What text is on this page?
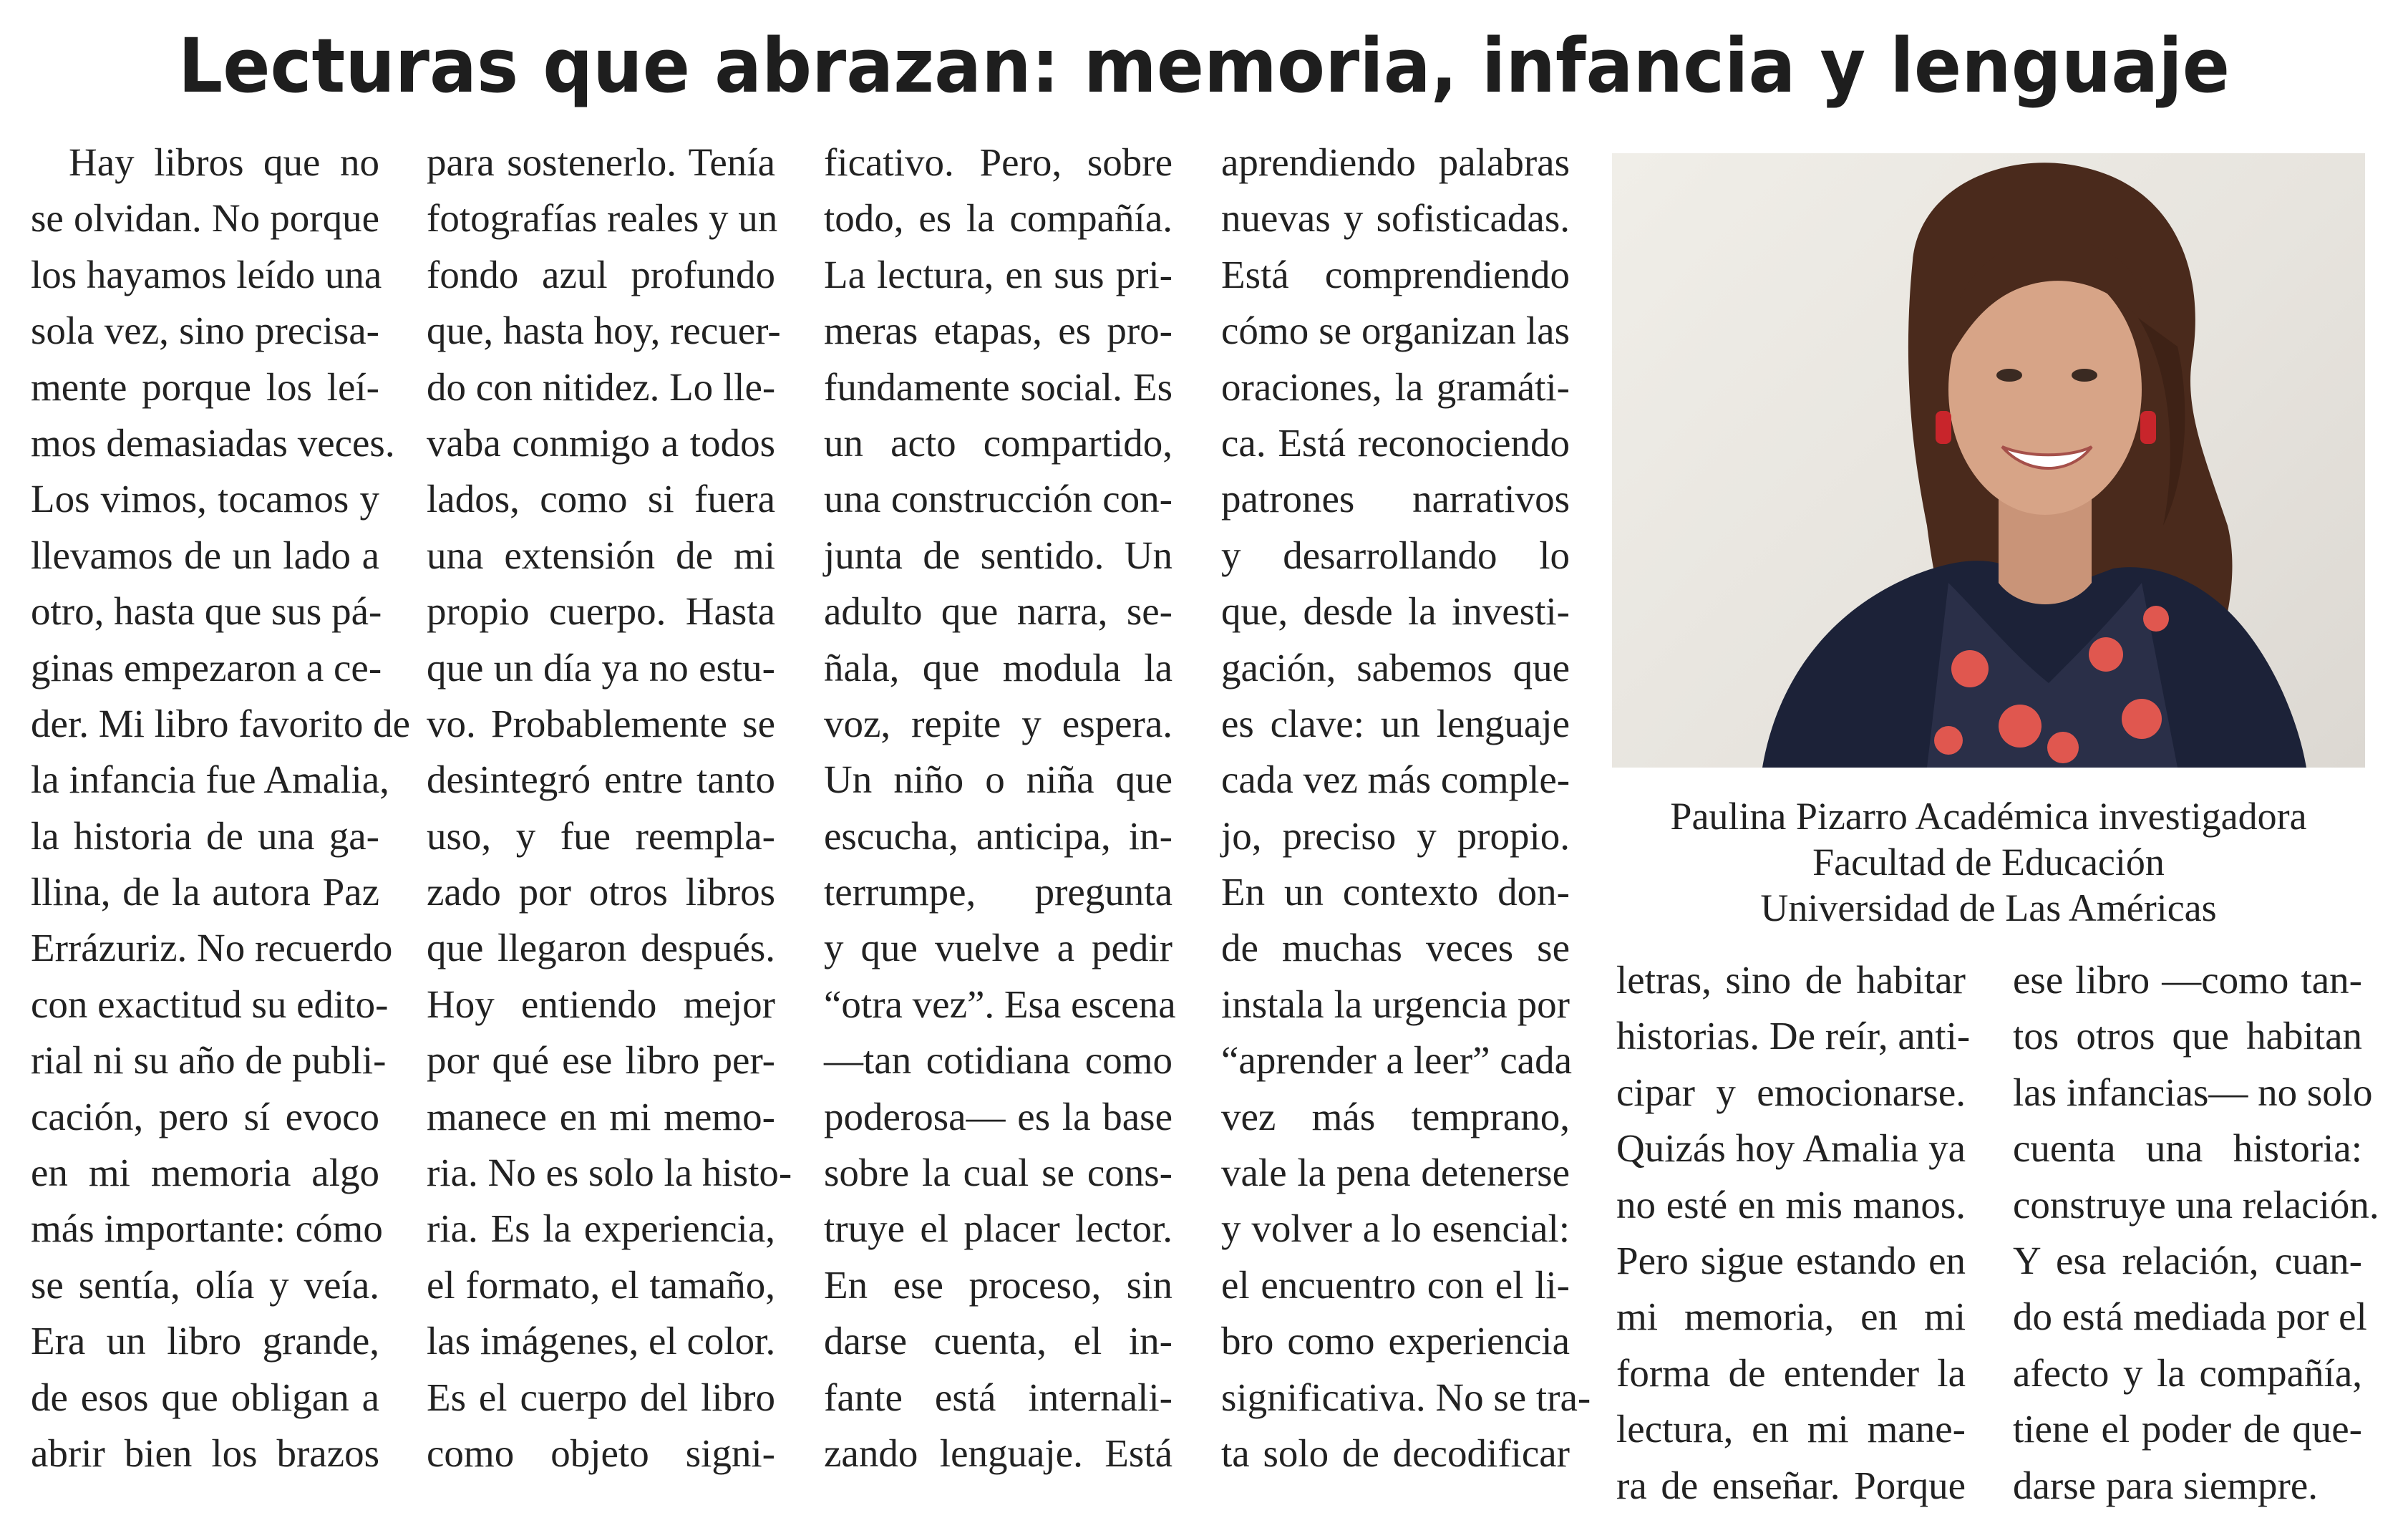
Lecturas que abrazan: memoria, infancia y lenguaje
Hay libros que no
se olvidan. No porque
los hayamos leído una
sola vez, sino precisa-
mente porque los leí-
mos demasiadas veces.
Los vimos, tocamos y
llevamos de un lado a
otro, hasta que sus pá-
ginas empezaron a ce-
der. Mi libro favorito de
la infancia fue Amalia,
la historia de una ga-
llina, de la autora Paz
Errázuriz. No recuerdo
con exactitud su edito-
rial ni su año de publi-
cación, pero sí evoco
en mi memoria algo
más importante: cómo
se sentía, olía y veía.
Era un libro grande,
de esos que obligan a
abrir bien los brazos
para sostenerlo. Tenía
fotografías reales y un
fondo azul profundo
que, hasta hoy, recuer-
do con nitidez. Lo lle-
vaba conmigo a todos
lados, como si fuera
una extensión de mi
propio cuerpo. Hasta
que un día ya no estu-
vo. Probablemente se
desintegró entre tanto
uso, y fue reempla-
zado por otros libros
que llegaron después.
Hoy entiendo mejor
por qué ese libro per-
manece en mi memo-
ria. No es solo la histo-
ria. Es la experiencia,
el formato, el tamaño,
las imágenes, el color.
Es el cuerpo del libro
como objeto signi-
ficativo. Pero, sobre
todo, es la compañía.
La lectura, en sus pri-
meras etapas, es pro-
fundamente social. Es
un acto compartido,
una construcción con-
junta de sentido. Un
adulto que narra, se-
ñala, que modula la
voz, repite y espera.
Un niño o niña que
escucha, anticipa, in-
terrumpe, pregunta
y que vuelve a pedir
“otra vez”. Esa escena
—tan cotidiana como
poderosa— es la base
sobre la cual se cons-
truye el placer lector.
En ese proceso, sin
darse cuenta, el in-
fante está internali-
zando lenguaje. Está
aprendiendo palabras
nuevas y sofisticadas.
Está comprendiendo
cómo se organizan las
oraciones, la gramáti-
ca. Está reconociendo
patrones narrativos
y desarrollando lo
que, desde la investi-
gación, sabemos que
es clave: un lenguaje
cada vez más comple-
jo, preciso y propio.
En un contexto don-
de muchas veces se
instala la urgencia por
“aprender a leer” cada
vez más temprano,
vale la pena detenerse
y volver a lo esencial:
el encuentro con el li-
bro como experiencia
significativa. No se tra-
ta solo de decodificar
letras, sino de habitar
historias. De reír, anti-
cipar y emocionarse.
Quizás hoy Amalia ya
no esté en mis manos.
Pero sigue estando en
mi memoria, en mi
forma de entender la
lectura, en mi mane-
ra de enseñar. Porque
ese libro —como tan-
tos otros que habitan
las infancias— no solo
cuenta una historia:
construye una relación.
Y esa relación, cuan-
do está mediada por el
afecto y la compañía,
tiene el poder de que-
darse para siempre.
Paulina Pizarro Académica investigadora
Facultad de Educación
Universidad de Las Américas
